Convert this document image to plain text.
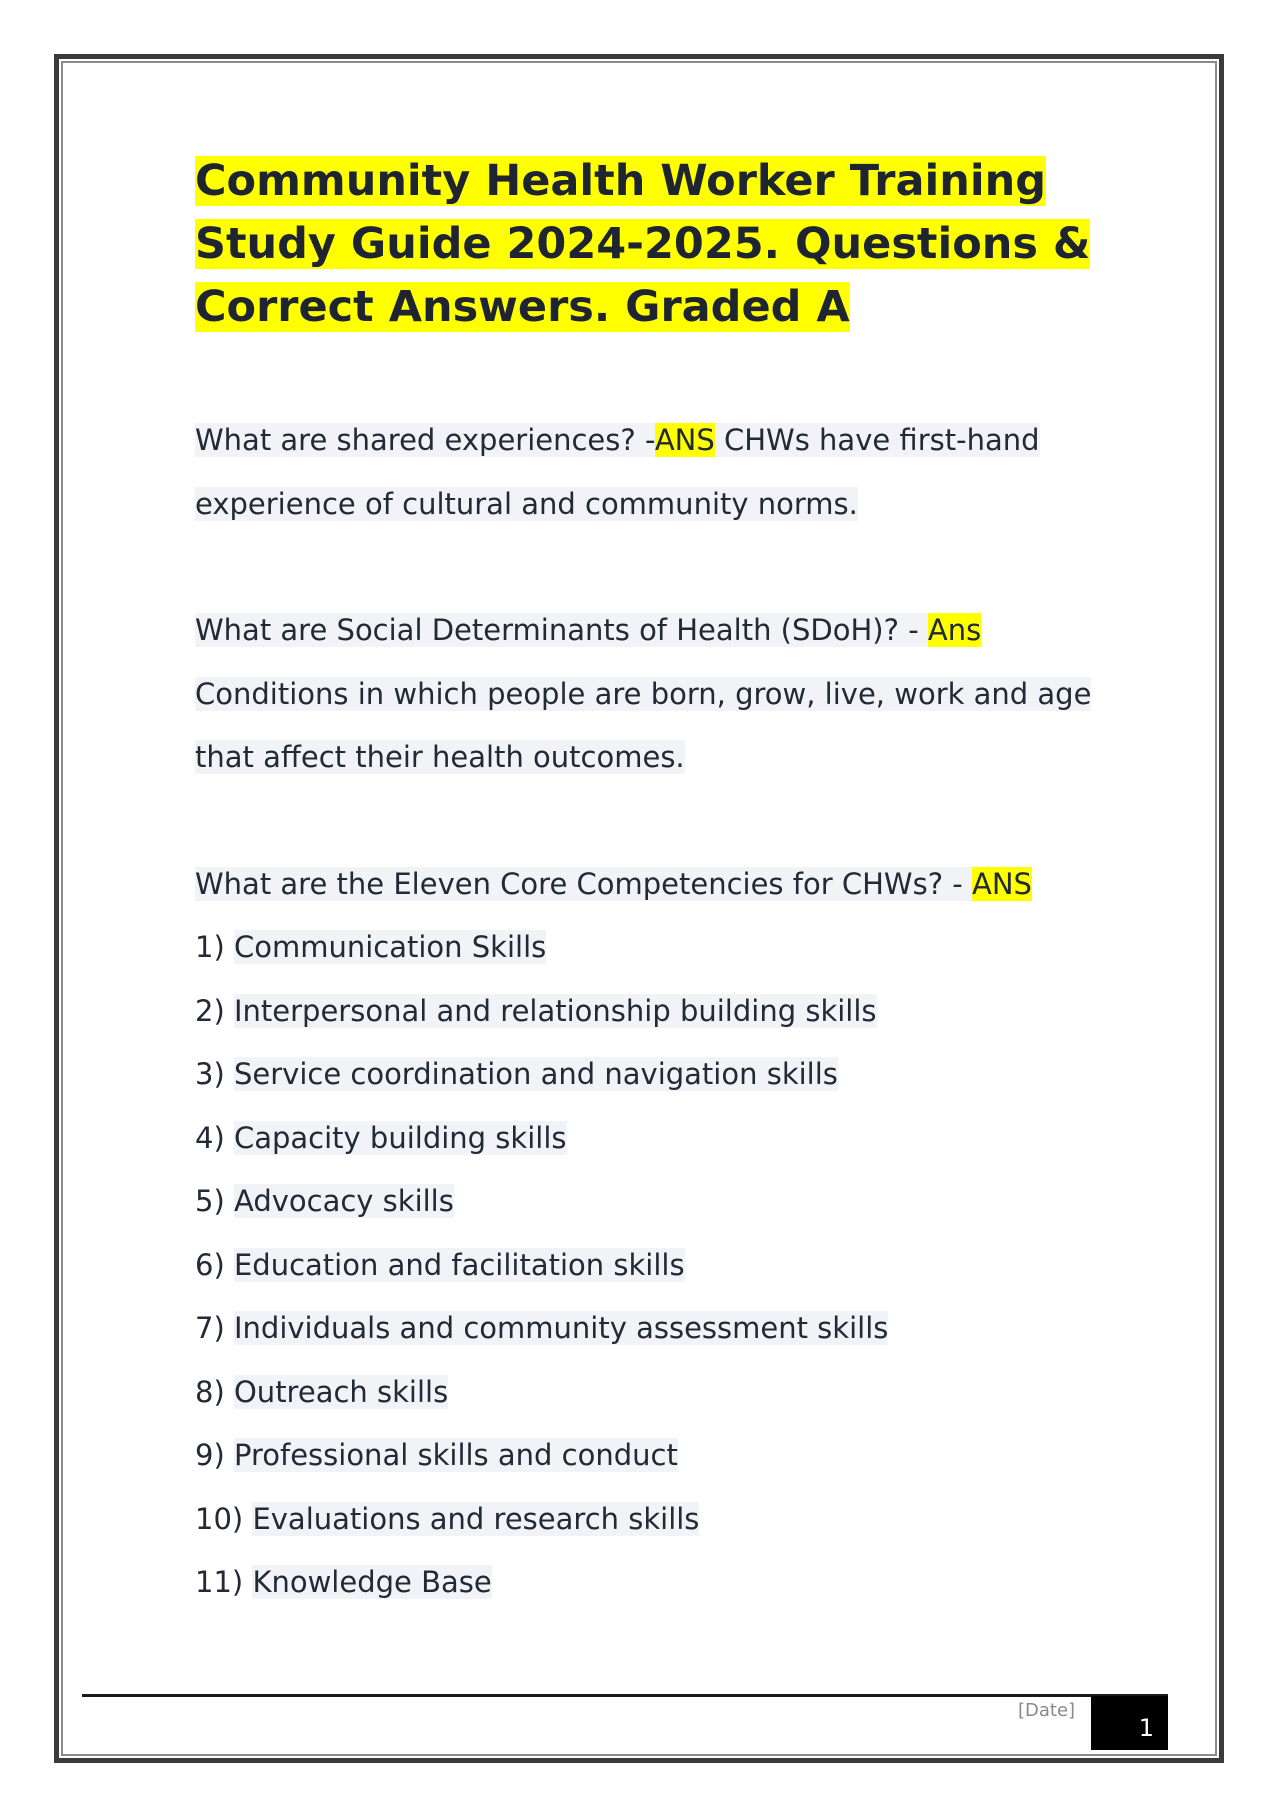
Community Health Worker Training Study Guide 2024-2025. Questions & Correct Answers. Graded A

What are shared experiences? -ANS CHWs have first-hand experience of cultural and community norms.

What are Social Determinants of Health (SDoH)? - Ans Conditions in which people are born, grow, live, work and age that affect their health outcomes.

What are the Eleven Core Competencies for CHWs? - ANS

1) Communication Skills
2) Interpersonal and relationship building skills
3) Service coordination and navigation skills
4) Capacity building skills
5) Advocacy skills
6) Education and facilitation skills
7) Individuals and community assessment skills
8) Outreach skills
9) Professional skills and conduct
10) Evaluations and research skills
11) Knowledge Base
[Date]
1
